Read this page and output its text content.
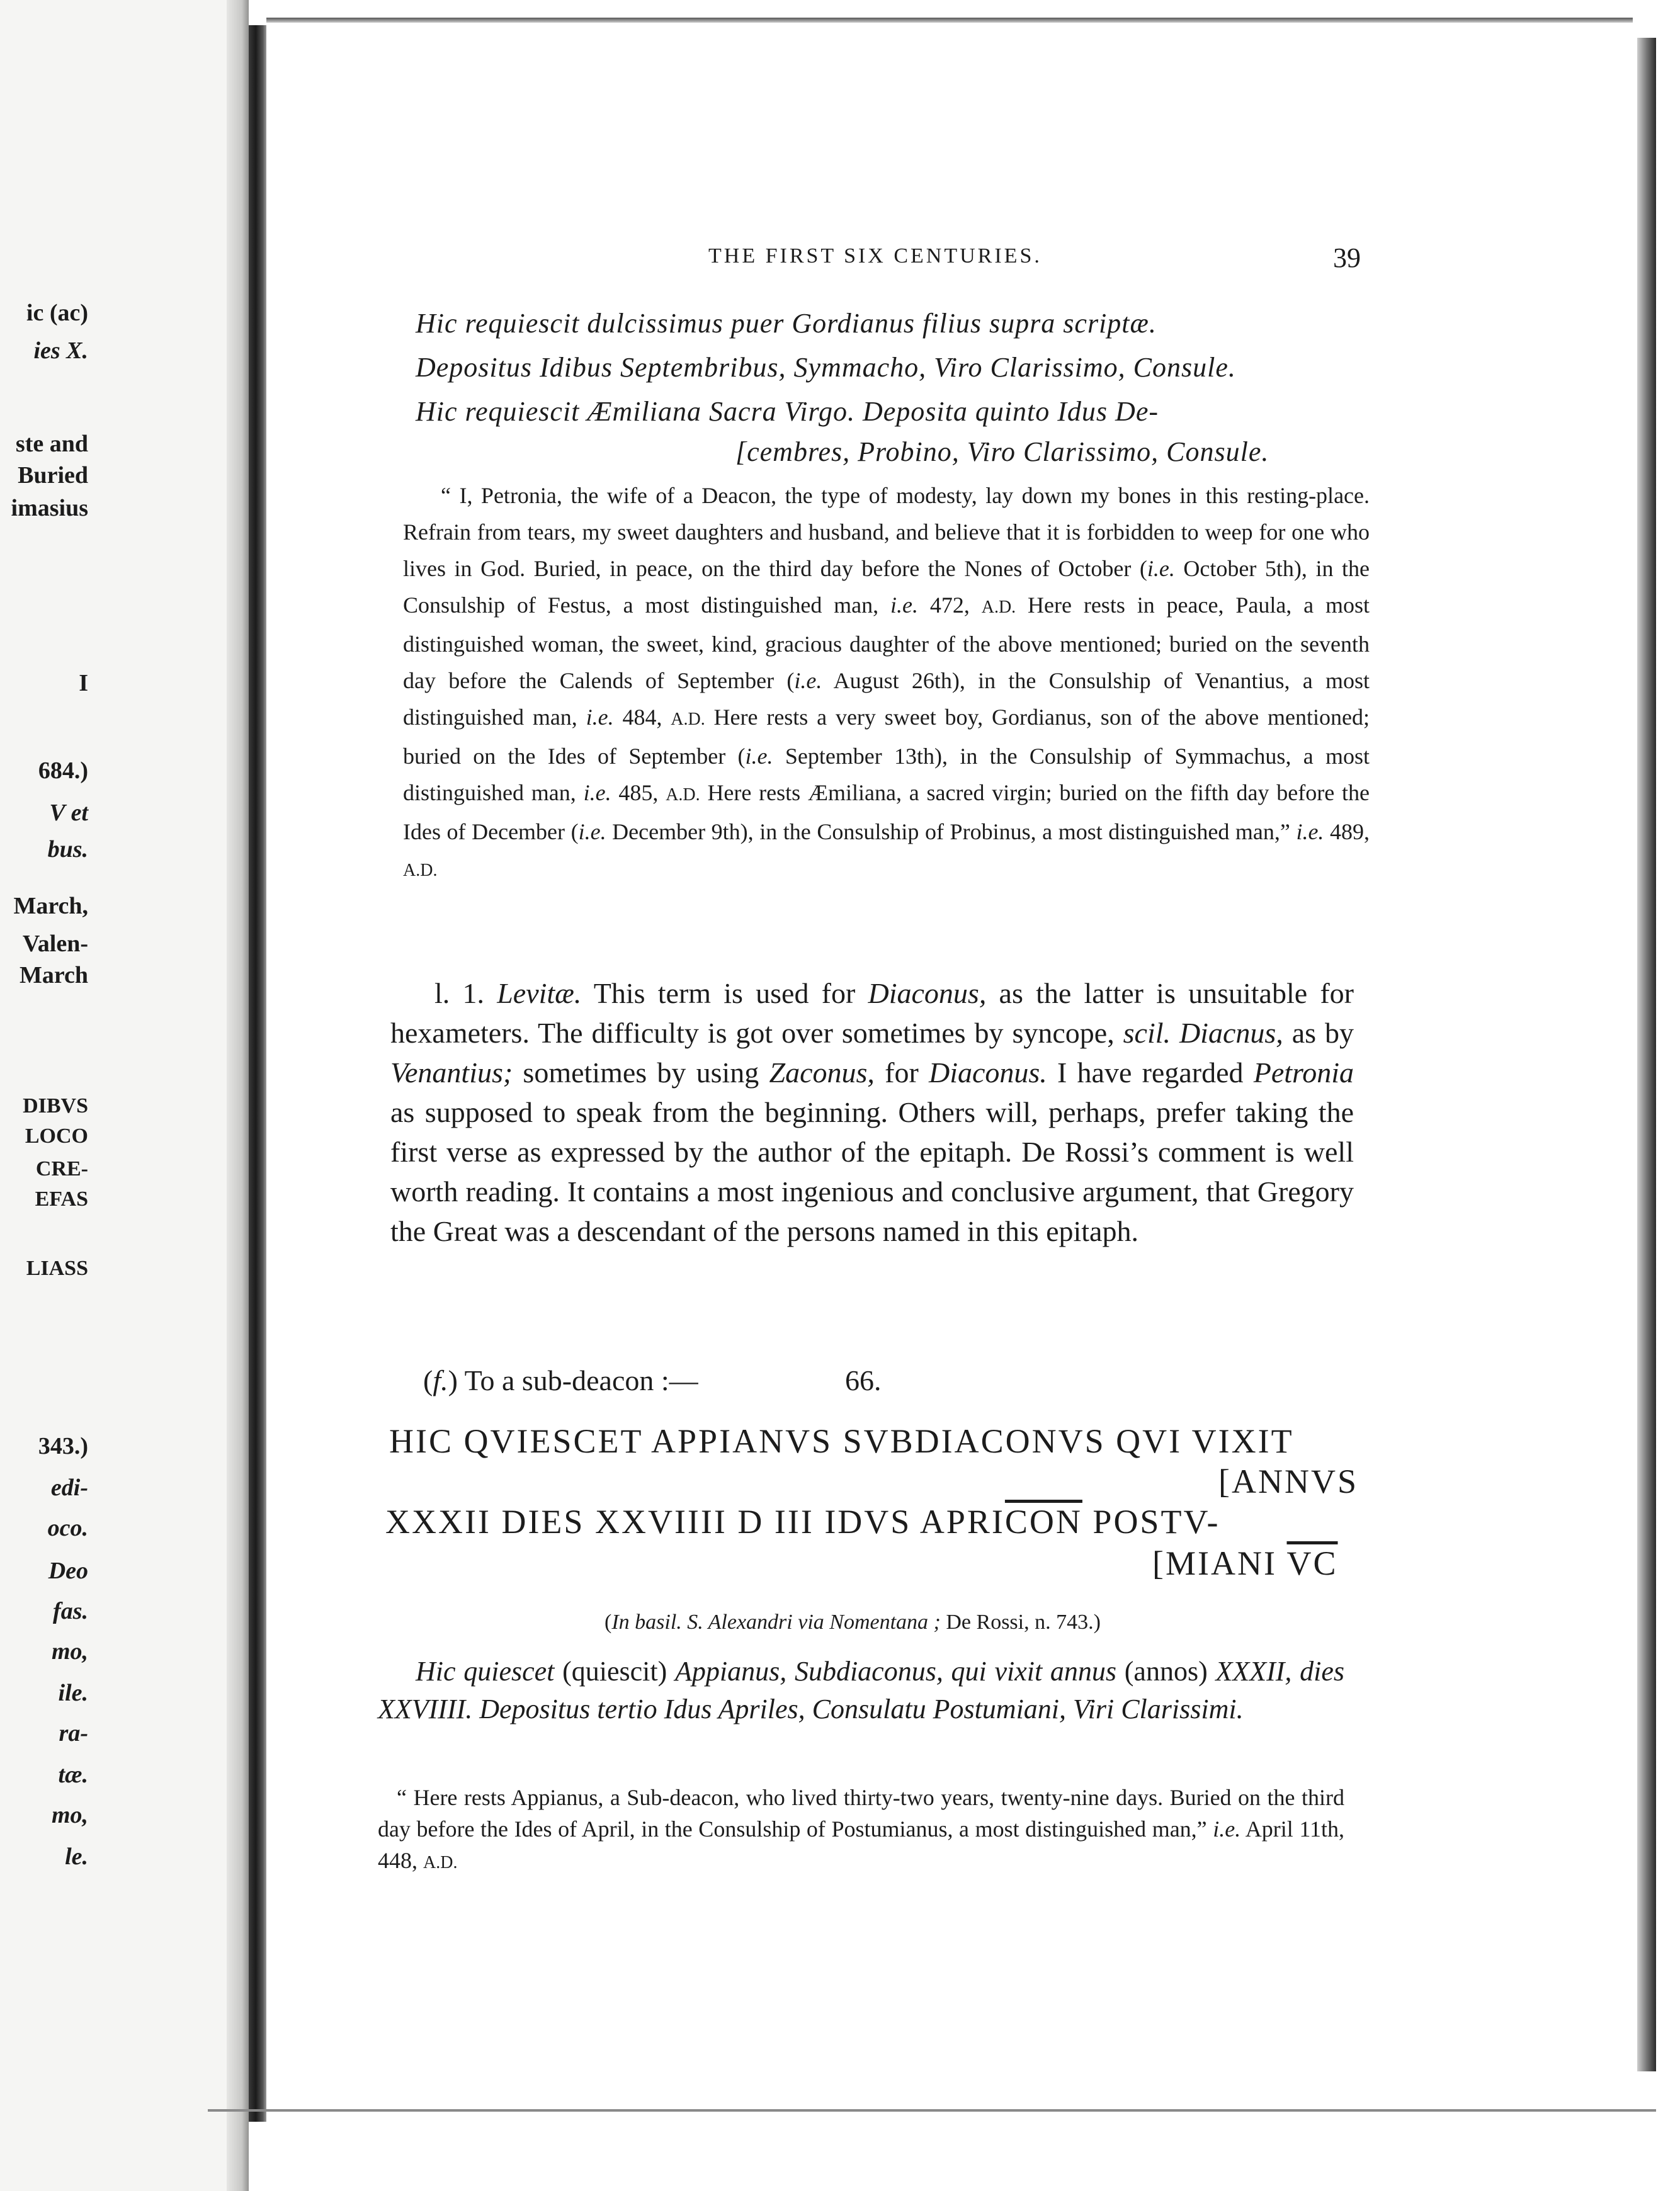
ic (ac)
ies X.
ste and
Buried
imasius
I
684.)
V et
bus.
March,
Valen-
March
DIBVS
LOCO
CRE-
EFAS
LIASS
343.)
edi-
oco.
Deo
fas.
mo,
ile.
ra-
tæ.
mo,
le.
THE FIRST SIX CENTURIES.	39
Hic requiescit dulcissimus puer Gordianus filius supra scriptæ.
Depositus Idibus Septembribus, Symmacho, Viro Clarissimo, Consule.
Hic requiescit Æmiliana Sacra Virgo. Deposita quinto Idus De-
[cembres, Probino, Viro Clarissimo, Consule.
“ I, Petronia, the wife of a Deacon, the type of modesty, lay down my bones in this resting-place. Refrain from tears, my sweet daughters and husband, and believe that it is forbidden to weep for one who lives in God. Buried, in peace, on the third day before the Nones of October (i.e. October 5th), in the Consulship of Festus, a most distinguished man, i.e. 472, A.D. Here rests in peace, Paula, a most distinguished woman, the sweet, kind, gracious daughter of the above mentioned; buried on the seventh day before the Calends of September (i.e. August 26th), in the Consulship of Venantius, a most distinguished man, i.e. 484, A.D. Here rests a very sweet boy, Gordianus, son of the above mentioned; buried on the Ides of September (i.e. September 13th), in the Consulship of Symmachus, a most distinguished man, i.e. 485, A.D. Here rests Æmiliana, a sacred virgin; buried on the fifth day before the Ides of December (i.e. December 9th), in the Consulship of Probinus, a most distinguished man,” i.e. 489, A.D.
l. 1. Levitæ. This term is used for Diaconus, as the latter is unsuitable for hexameters. The difficulty is got over sometimes by syncope, scil. Diacnus, as by Venantius; sometimes by using Zaconus, for Diaconus. I have regarded Petronia as supposed to speak from the beginning. Others will, perhaps, prefer taking the first verse as expressed by the author of the epitaph. De Rossi’s comment is well worth reading. It contains a most ingenious and conclusive argument, that Gregory the Great was a descendant of the persons named in this epitaph.
(f.) To a sub-deacon :—	66.
HIC QVIESCET APPIANVS SVBDIACONVS QVI VIXIT
[ANNVS
XXXII DIES XXVIIII D III IDVS $APRI\overline{CON}$ POSTV-
[MIANI $\overline{VC}$
(In basil. S. Alexandri via Nomentana ; De Rossi, n. 743.)
Hic quiescet (quiescit) Appianus, Subdiaconus, qui vixit annus (annos) XXXII, dies XXVIIII. Depositus tertio Idus Apriles, Consulatu Postumiani, Viri Clarissimi.
“ Here rests Appianus, a Sub-deacon, who lived thirty-two years, twenty-nine days. Buried on the third day before the Ides of April, in the Consulship of Postumianus, a most distinguished man,” i.e. April 11th, 448, A.D.
